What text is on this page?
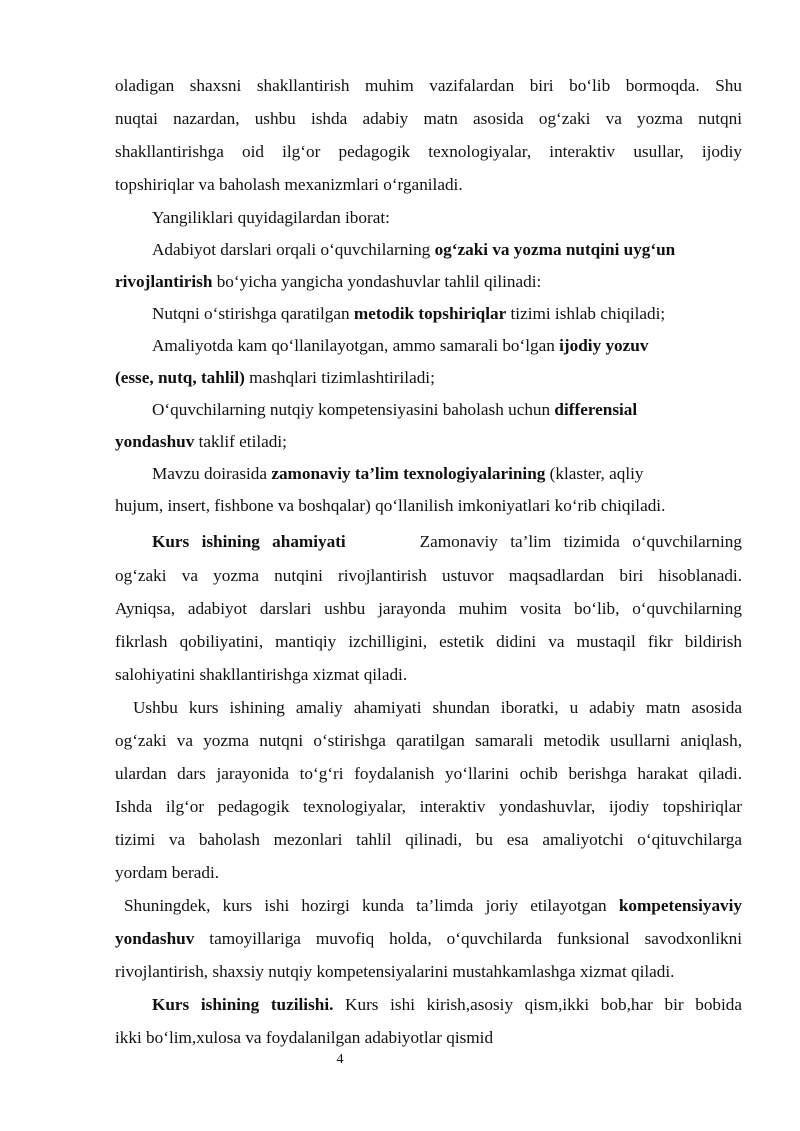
oladigan shaxsni shakllantirish muhim vazifalardan biri bo‘lib bormoqda. Shu
nuqtai nazardan, ushbu ishda adabiy matn asosida og‘zaki va yozma nutqni
shakllantirishga oid ilg‘or pedagogik texnologiyalar, interaktiv usullar, ijodiy
topshiriqlar va baholash mexanizmlari o‘rganiladi.
Yangiliklari quyidagilardan iborat:
Adabiyot darslari orqali o‘quvchilarning og‘zaki va yozma nutqini uyg‘un
rivojlantirish bo‘yicha yangicha yondashuvlar tahlil qilinadi:
Nutqni o‘stirishga qaratilgan metodik topshiriqlar tizimi ishlab chiqiladi;
Amaliyotda kam qo‘llanilayotgan, ammo samarali bo‘lgan ijodiy yozuv
(esse, nutq, tahlil) mashqlari tizimlashtiriladi;
O‘quvchilarning nutqiy kompetensiyasini baholash uchun differensial
yondashuv taklif etiladi;
Mavzu doirasida zamonaviy ta’lim texnologiyalarining (klaster, aqliy
hujum, insert, fishbone va boshqalar) qo‘llanilish imkoniyatlari ko‘rib chiqiladi.
Kurs ishining ahamiyati      Zamonaviy ta’lim tizimida o‘quvchilarning
og‘zaki va yozma nutqini rivojlantirish ustuvor maqsadlardan biri hisoblanadi.
Ayniqsa, adabiyot darslari ushbu jarayonda muhim vosita bo‘lib, o‘quvchilarning
fikrlash qobiliyatini, mantiqiy izchilligini, estetik didini va mustaqil fikr bildirish
salohiyatini shakllantirishga xizmat qiladi.
Ushbu kurs ishining amaliy ahamiyati shundan iboratki, u adabiy matn asosida
og‘zaki va yozma nutqni o‘stirishga qaratilgan samarali metodik usullarni aniqlash,
ulardan dars jarayonida to‘g‘ri foydalanish yo‘llarini ochib berishga harakat qiladi.
Ishda ilg‘or pedagogik texnologiyalar, interaktiv yondashuvlar, ijodiy topshiriqlar
tizimi va baholash mezonlari tahlil qilinadi, bu esa amaliyotchi o‘qituvchilarga
yordam beradi.
Shuningdek, kurs ishi hozirgi kunda ta’limda joriy etilayotgan kompetensiyaviy
yondashuv tamoyillariga muvofiq holda, o‘quvchilarda funksional savodxonlikni
rivojlantirish, shaxsiy nutqiy kompetensiyalarini mustahkamlashga xizmat qiladi.
Kurs ishining tuzilishi. Kurs ishi kirish,asosiy qism,ikki bob,har bir bobida
ikki bo‘lim,xulosa va foydalanilgan adabiyotlar qismid
4
